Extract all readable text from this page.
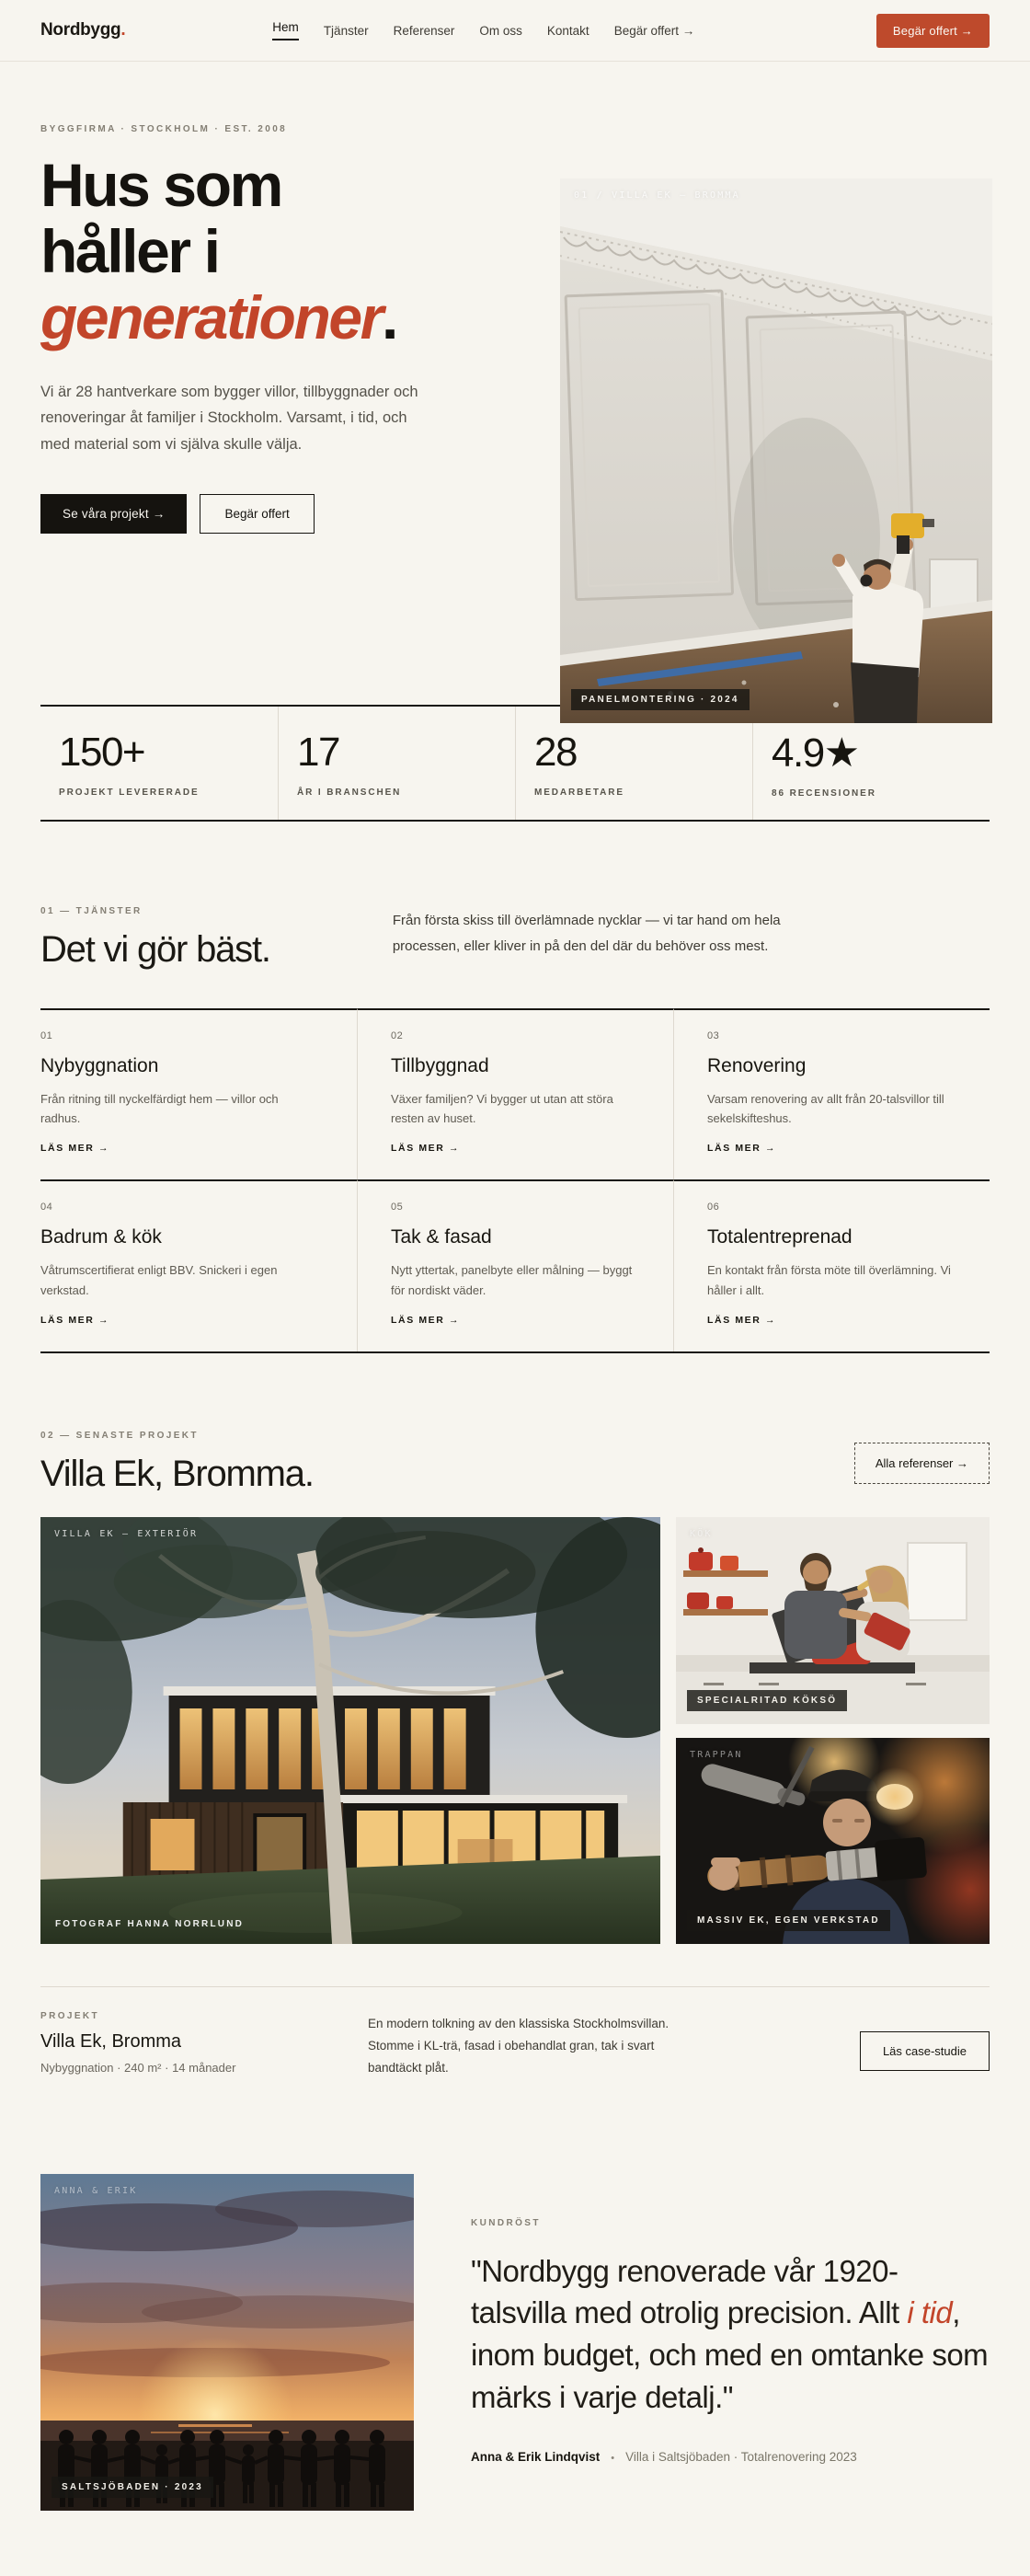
Nordbygg.	Hem Tjänster Referenser Om oss Kontakt Begär offert →	Begär offert →
BYGGFIRMA · STOCKHOLM · EST. 2008
Hus som
håller i
generationer.

Vi är 28 hantverkare som bygger villor, tillbyggnader och renoveringar åt familjer i Stockholm. Varsamt, i tid, och med material som vi själva skulle välja.

Se våra projekt →	Begär offert
01 / VILLA EK — BROMMA
PANELMONTERING · 2024
150+
PROJEKT LEVERERADE
17
ÅR I BRANSCHEN
28
MEDARBETARE
4.9★
86 RECENSIONER
01 — TJÄNSTER
Det vi gör bäst.

Från första skiss till överlämnade nycklar — vi tar hand om hela processen, eller kliver in på den del där du behöver oss mest.

01
Nybyggnation
Från ritning till nyckelfärdigt hem — villor och radhus.
LÄS MER →
02
Tillbyggnad
Växer familjen? Vi bygger ut utan att störa resten av huset.
LÄS MER →
03
Renovering
Varsam renovering av allt från 20-talsvillor till sekelskifteshus.
LÄS MER →
04
Badrum & kök
Våtrumscertifierat enligt BBV. Snickeri i egen verkstad.
LÄS MER →
05
Tak & fasad
Nytt yttertak, panelbyte eller målning — byggt för nordiskt väder.
LÄS MER →
06
Totalentreprenad
En kontakt från första möte till överlämning. Vi håller i allt.
LÄS MER →
02 — SENASTE PROJEKT
Villa Ek, Bromma.	Alla referenser →
VILLA EK — EXTERIÖR
FOTOGRAF HANNA NORRLUND
KÖK
SPECIALRITAD KÖKSÖ
TRAPPAN
MASSIV EK, EGEN VERKSTAD
PROJEKT
Villa Ek, Bromma
Nybyggnation · 240 m² · 14 månader

En modern tolkning av den klassiska Stockholmsvillan. Stomme i KL-trä, fasad i obehandlat gran, tak i svart bandtäckt plåt.

Läs case-studie
ANNA & ERIK
SALTSJÖBADEN · 2023
KUNDRÖST
"Nordbygg renoverade vår 1920-talsvilla med otrolig precision. Allt i tid, inom budget, och med en omtanke som märks i varje detalj."
Anna & Erik Lindqvist • Villa i Saltsjöbaden · Totalrenovering 2023
